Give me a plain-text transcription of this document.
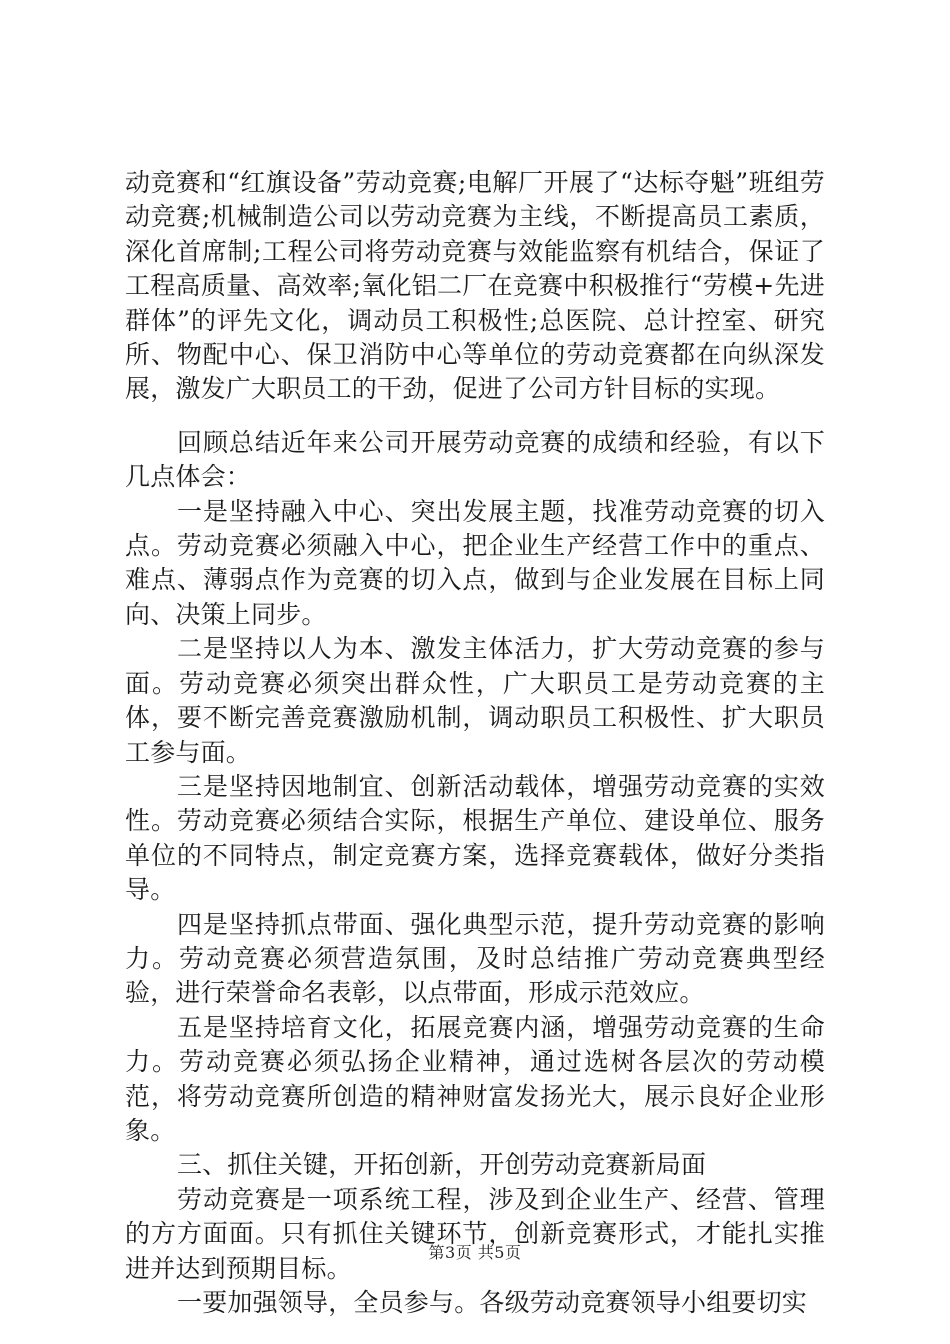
动竞赛和“红旗设备”劳动竞赛;电解厂开展了“达标夺魁”班组劳动竞赛;机械制造公司以劳动竞赛为主线，不断提高员工素质，深化首席制;工程公司将劳动竞赛与效能监察有机结合，保证了工程高质量、高效率;氧化铝二厂在竞赛中积极推行“劳模+先进群体”的评先文化，调动员工积极性;总医院、总计控室、研究所、物配中心、保卫消防中心等单位的劳动竞赛都在向纵深发展，激发广大职员工的干劲，促进了公司方针目标的实现。

回顾总结近年来公司开展劳动竞赛的成绩和经验，有以下几点体会：

一是坚持融入中心、突出发展主题，找准劳动竞赛的切入点。劳动竞赛必须融入中心，把企业生产经营工作中的重点、难点、薄弱点作为竞赛的切入点，做到与企业发展在目标上同向、决策上同步。

二是坚持以人为本、激发主体活力，扩大劳动竞赛的参与面。劳动竞赛必须突出群众性，广大职员工是劳动竞赛的主体，要不断完善竞赛激励机制，调动职员工积极性、扩大职员工参与面。

三是坚持因地制宜、创新活动载体，增强劳动竞赛的实效性。劳动竞赛必须结合实际，根据生产单位、建设单位、服务单位的不同特点，制定竞赛方案，选择竞赛载体，做好分类指导。

四是坚持抓点带面、强化典型示范，提升劳动竞赛的影响力。劳动竞赛必须营造氛围，及时总结推广劳动竞赛典型经验，进行荣誉命名表彰，以点带面，形成示范效应。

五是坚持培育文化，拓展竞赛内涵，增强劳动竞赛的生命力。劳动竞赛必须弘扬企业精神，通过选树各层次的劳动模范，将劳动竞赛所创造的精神财富发扬光大，展示良好企业形象。

三、抓住关键，开拓创新，开创劳动竞赛新局面

劳动竞赛是一项系统工程，涉及到企业生产、经营、管理的方方面面。只有抓住关键环节，创新竞赛形式，才能扎实推进并达到预期目标。

一要加强领导，全员参与。各级劳动竞赛领导小组要切实

第3页 共5页
